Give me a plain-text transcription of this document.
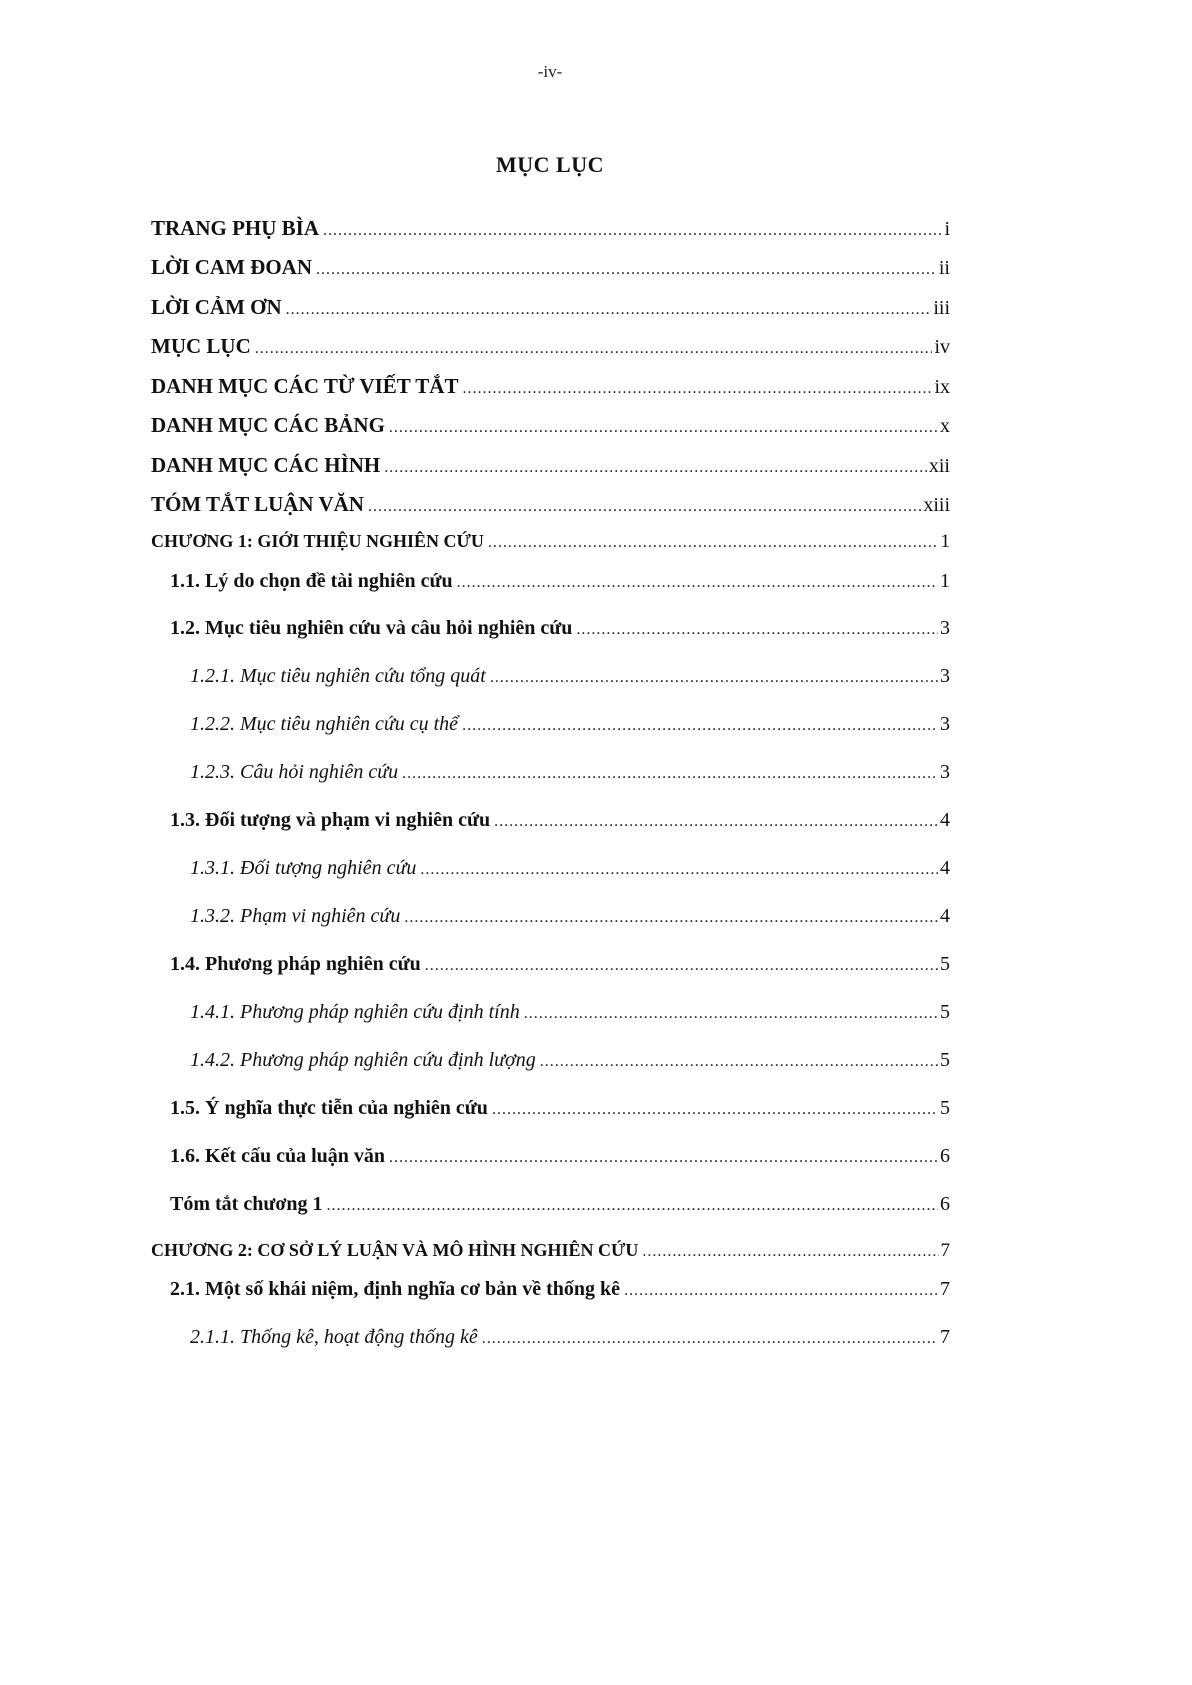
-iv-
MỤC LỤC
TRANG PHỤ BÌA .....	i
LỜI CAM ĐOAN .....	ii
LỜI CẢM ƠN .....	iii
MỤC LỤC .....	iv
DANH MỤC CÁC TỪ VIẾT TẮT .....	ix
DANH MỤC CÁC BẢNG .....	x
DANH MỤC CÁC HÌNH .....	xii
TÓM TẮT LUẬN VĂN .....	xiii
CHƯƠNG 1: GIỚI THIỆU NGHIÊN CỨU .....	1
1.1. Lý do chọn đề tài nghiên cứu .....	1
1.2. Mục tiêu nghiên cứu và câu hỏi nghiên cứu .....	3
1.2.1. Mục tiêu nghiên cứu tổng quát .....	3
1.2.2. Mục tiêu nghiên cứu cụ thể .....	3
1.2.3. Câu hỏi nghiên cứu .....	3
1.3. Đối tượng và phạm vi nghiên cứu .....	4
1.3.1. Đối tượng nghiên cứu .....	4
1.3.2. Phạm vi nghiên cứu .....	4
1.4. Phương pháp nghiên cứu .....	5
1.4.1. Phương pháp nghiên cứu định tính .....	5
1.4.2. Phương pháp nghiên cứu định lượng .....	5
1.5. Ý nghĩa thực tiễn của nghiên cứu .....	5
1.6. Kết cấu của luận văn .....	6
Tóm tắt chương 1 .....	6
CHƯƠNG 2: CƠ SỞ LÝ LUẬN VÀ MÔ HÌNH NGHIÊN CỨU .....	7
2.1. Một số khái niệm, định nghĩa cơ bản về thống kê .....	7
2.1.1. Thống kê, hoạt động thống kê .....	7
